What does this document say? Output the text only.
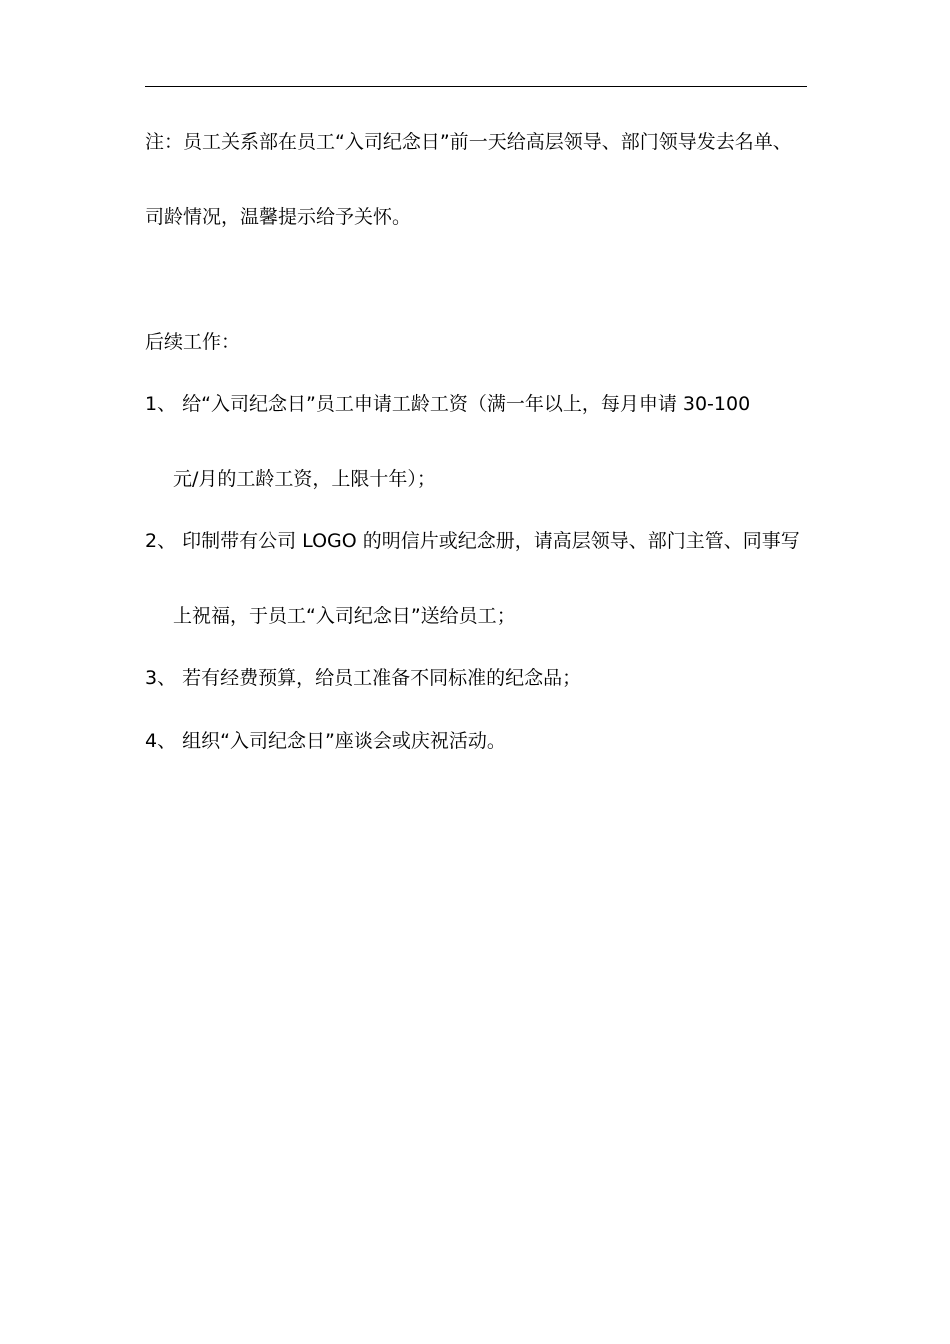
注：员工关系部在员工“入司纪念日”前一天给高层领导、部门领导发去名单、
司龄情况，温馨提示给予关怀。
后续工作：
1、 给“入司纪念日”员工申请工龄工资（满一年以上，每月申请 30-100
元/月的工龄工资，上限十年）；
2、 印制带有公司 LOGO 的明信片或纪念册，请高层领导、部门主管、同事写
上祝福，于员工“入司纪念日”送给员工；
3、 若有经费预算，给员工准备不同标准的纪念品；
4、 组织“入司纪念日”座谈会或庆祝活动。
